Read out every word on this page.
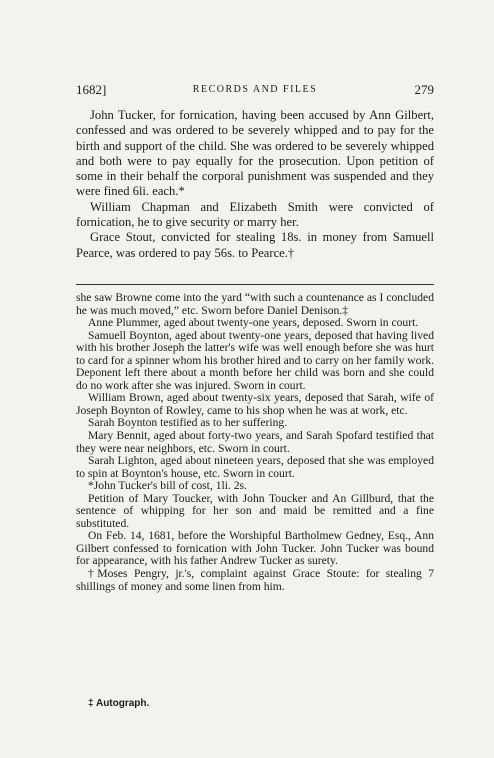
1682]	RECORDS AND FILES	279

John Tucker, for fornication, having been accused by Ann Gilbert, confessed and was ordered to be severely whipped and to pay for the birth and support of the child. She was ordered to be severely whipped and both were to pay equally for the prosecution. Upon petition of some in their behalf the corporal punishment was suspended and they were fined 6li. each.*

William Chapman and Elizabeth Smith were convicted of fornication, he to give security or marry her.

Grace Stout, convicted for stealing 18s. in money from Samuell Pearce, was ordered to pay 56s. to Pearce.†

she saw Browne come into the yard “with such a countenance as I concluded he was much moved,” etc. Sworn before Daniel Denison.‡

Anne Plummer, aged about twenty-one years, deposed. Sworn in court.

Samuell Boynton, aged about twenty-one years, deposed that having lived with his brother Joseph the latter's wife was well enough before she was hurt to card for a spinner whom his brother hired and to carry on her family work. Deponent left there about a month before her child was born and she could do no work after she was injured. Sworn in court.

William Brown, aged about twenty-six years, deposed that Sarah, wife of Joseph Boynton of Rowley, came to his shop when he was at work, etc.

Sarah Boynton testified as to her suffering.

Mary Bennit, aged about forty-two years, and Sarah Spofard testified that they were near neighbors, etc. Sworn in court.

Sarah Lighton, aged about nineteen years, deposed that she was employed to spin at Boynton's house, etc. Sworn in court.

*John Tucker's bill of cost, 1li. 2s.

Petition of Mary Toucker, with John Toucker and An Gillburd, that the sentence of whipping for her son and maid be remitted and a fine substituted.

On Feb. 14, 1681, before the Worshipful Bartholmew Gedney, Esq., Ann Gilbert confessed to fornication with John Tucker. John Tucker was bound for appearance, with his father Andrew Tucker as surety.

†Moses Pengry, jr.'s, complaint against Grace Stoute: for stealing 7 shillings of money and some linen from him.

‡ Autograph.
